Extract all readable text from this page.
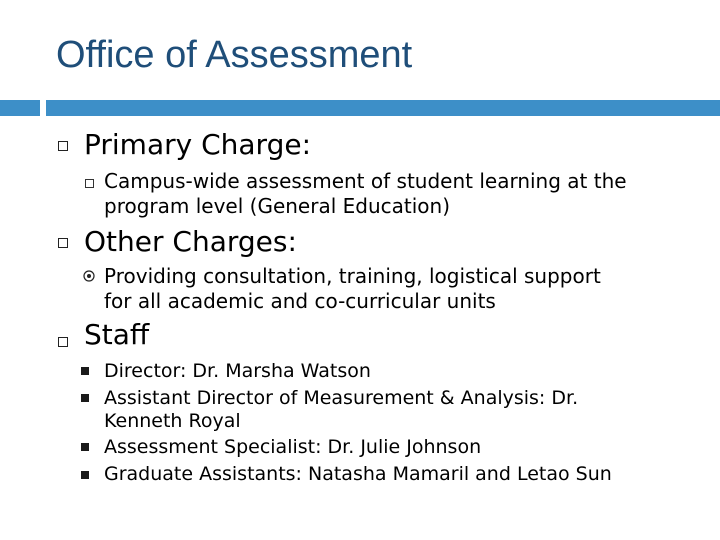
Office of Assessment
Primary Charge:
Campus-wide assessment of student learning at the
program level (General Education)
Other Charges:
Providing consultation, training, logistical support
for all academic and co-curricular units
Staff
Director: Dr. Marsha Watson
Assistant Director of Measurement & Analysis: Dr.
Kenneth Royal
Assessment Specialist: Dr. Julie Johnson
Graduate Assistants: Natasha Mamaril and Letao Sun
